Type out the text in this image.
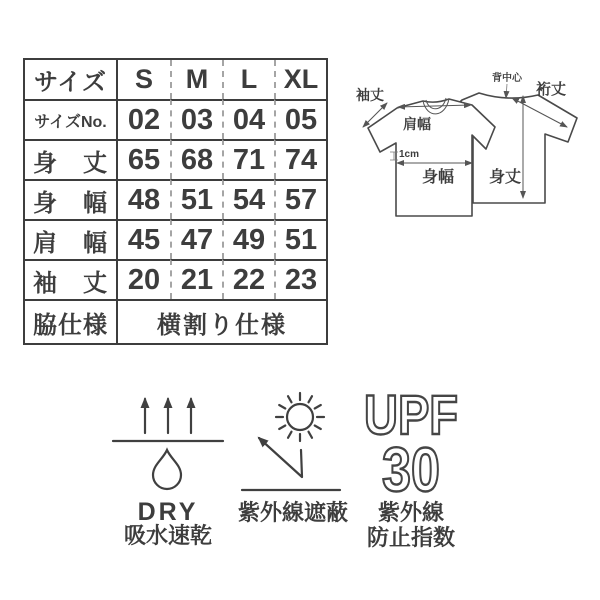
サイズ	S	M	L XL
サイズNo. 02 03 04 05
身　丈 65 68 71 74
身　幅 48 51 54 57
肩　幅 45 47 49 51
袖　丈 20 21 22 23
脇仕様	横割り仕様
袖丈
肩幅
1cm
身幅
背中心
裄丈
身丈
DRY
吸水速乾
紫外線遮蔽
UPF
30
紫外線
防止指数
